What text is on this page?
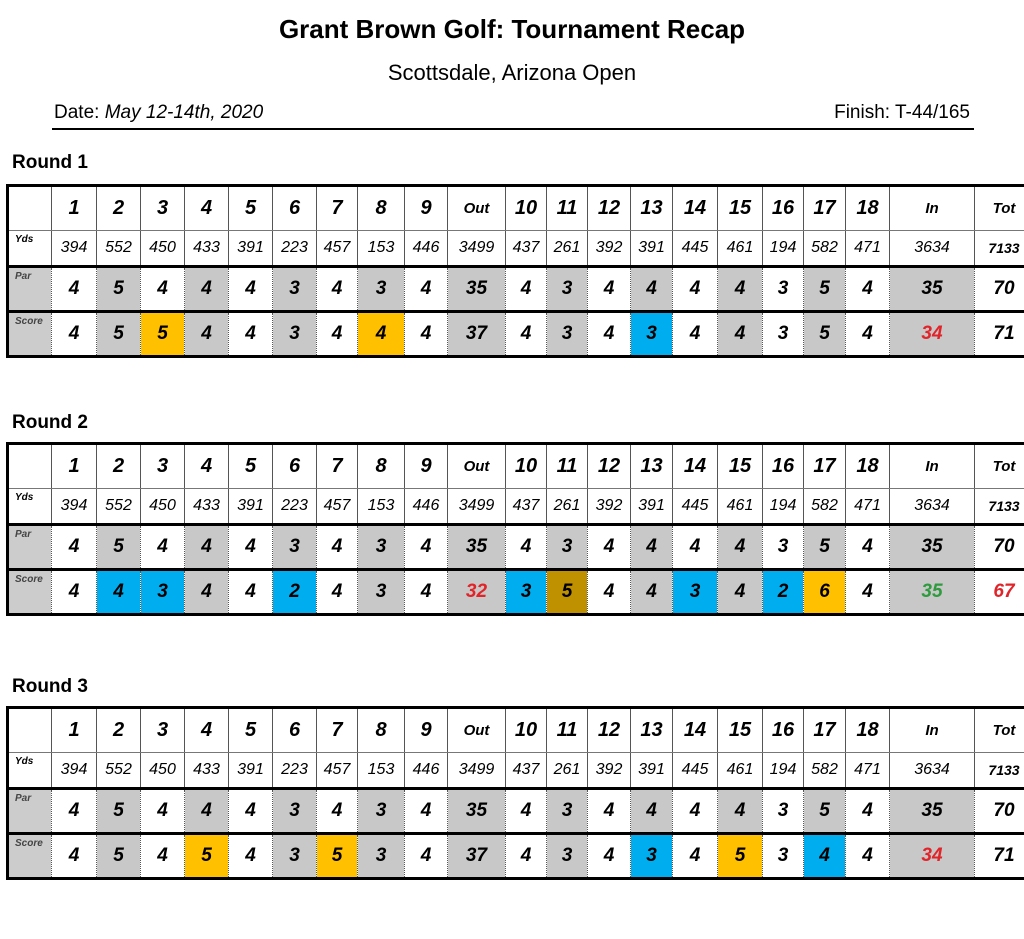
Grant Brown Golf: Tournament Recap
Scottsdale, Arizona Open
Date: May 12-14th, 2020	Finish: T-44/165
Round 1
	1	2	3	4	5	6	7	8	9	Out	10	11	12	13	14	15	16	17	18	In	Tot
Yds	394	552	450	433	391	223	457	153	446	3499	437	261	392	391	445	461	194	582	471	3634	7133
Par	4	5	4	4	4	3	4	3	4	35	4	3	4	4	4	4	3	5	4	35	70
Score	4	5	5	4	4	3	4	4	4	37	4	3	4	3	4	4	3	5	4	34	71
Round 2
	1	2	3	4	5	6	7	8	9	Out	10	11	12	13	14	15	16	17	18	In	Tot
Yds	394	552	450	433	391	223	457	153	446	3499	437	261	392	391	445	461	194	582	471	3634	7133
Par	4	5	4	4	4	3	4	3	4	35	4	3	4	4	4	4	3	5	4	35	70
Score	4	4	3	4	4	2	4	3	4	32	3	5	4	4	3	4	2	6	4	35	67
Round 3
	1	2	3	4	5	6	7	8	9	Out	10	11	12	13	14	15	16	17	18	In	Tot
Yds	394	552	450	433	391	223	457	153	446	3499	437	261	392	391	445	461	194	582	471	3634	7133
Par	4	5	4	4	4	3	4	3	4	35	4	3	4	4	4	4	3	5	4	35	70
Score	4	5	4	5	4	3	5	3	4	37	4	3	4	3	4	5	3	4	4	34	71
